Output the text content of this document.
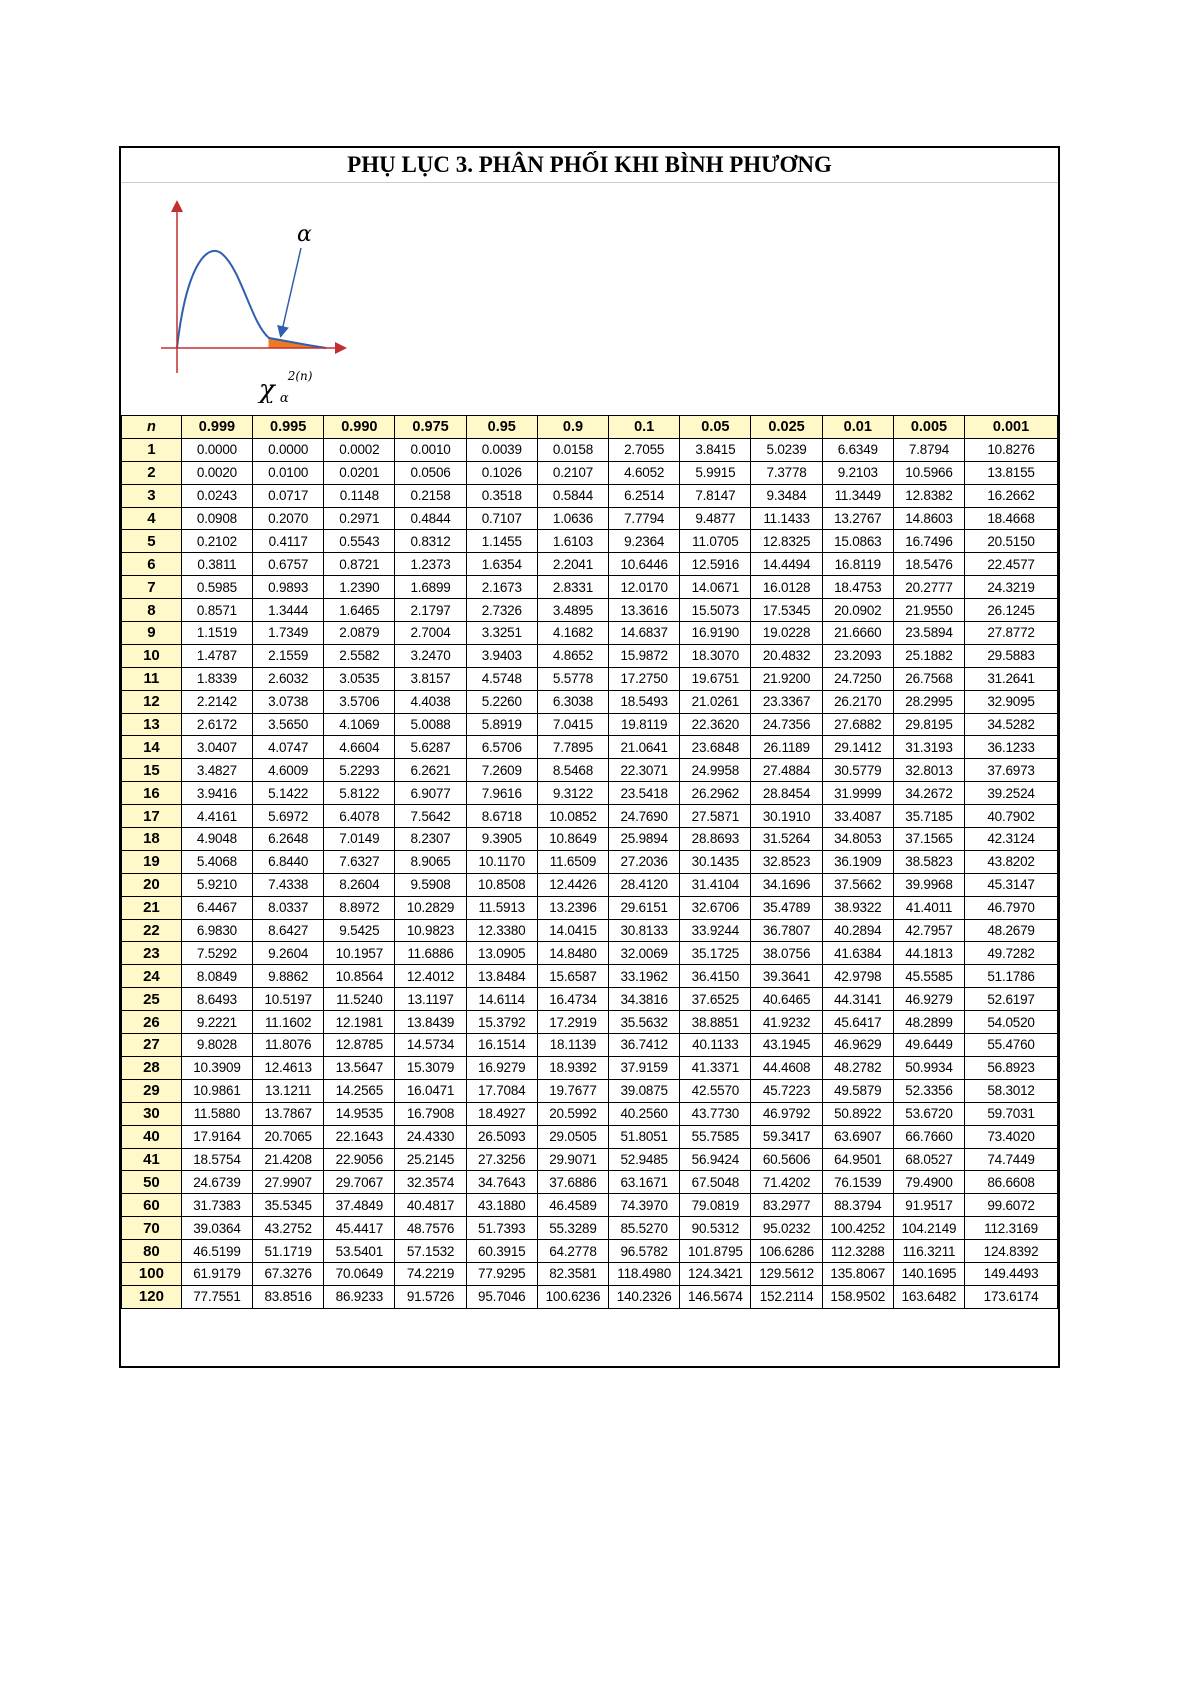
PHỤ LỤC 3. PHÂN PHỐI KHI BÌNH PHƯƠNG
α
χ $_\alpha$ 2(n)
n	0.999	0.995	0.990	0.975	0.95	0.9	0.1	0.05	0.025	0.01	0.005	0.001
1	0.0000	0.0000	0.0002	0.0010	0.0039	0.0158	2.7055	3.8415	5.0239	6.6349	7.8794	10.8276
2	0.0020	0.0100	0.0201	0.0506	0.1026	0.2107	4.6052	5.9915	7.3778	9.2103	10.5966	13.8155
3	0.0243	0.0717	0.1148	0.2158	0.3518	0.5844	6.2514	7.8147	9.3484	11.3449	12.8382	16.2662
4	0.0908	0.2070	0.2971	0.4844	0.7107	1.0636	7.7794	9.4877	11.1433	13.2767	14.8603	18.4668
5	0.2102	0.4117	0.5543	0.8312	1.1455	1.6103	9.2364	11.0705	12.8325	15.0863	16.7496	20.5150
6	0.3811	0.6757	0.8721	1.2373	1.6354	2.2041	10.6446	12.5916	14.4494	16.8119	18.5476	22.4577
7	0.5985	0.9893	1.2390	1.6899	2.1673	2.8331	12.0170	14.0671	16.0128	18.4753	20.2777	24.3219
8	0.8571	1.3444	1.6465	2.1797	2.7326	3.4895	13.3616	15.5073	17.5345	20.0902	21.9550	26.1245
9	1.1519	1.7349	2.0879	2.7004	3.3251	4.1682	14.6837	16.9190	19.0228	21.6660	23.5894	27.8772
10	1.4787	2.1559	2.5582	3.2470	3.9403	4.8652	15.9872	18.3070	20.4832	23.2093	25.1882	29.5883
11	1.8339	2.6032	3.0535	3.8157	4.5748	5.5778	17.2750	19.6751	21.9200	24.7250	26.7568	31.2641
12	2.2142	3.0738	3.5706	4.4038	5.2260	6.3038	18.5493	21.0261	23.3367	26.2170	28.2995	32.9095
13	2.6172	3.5650	4.1069	5.0088	5.8919	7.0415	19.8119	22.3620	24.7356	27.6882	29.8195	34.5282
14	3.0407	4.0747	4.6604	5.6287	6.5706	7.7895	21.0641	23.6848	26.1189	29.1412	31.3193	36.1233
15	3.4827	4.6009	5.2293	6.2621	7.2609	8.5468	22.3071	24.9958	27.4884	30.5779	32.8013	37.6973
16	3.9416	5.1422	5.8122	6.9077	7.9616	9.3122	23.5418	26.2962	28.8454	31.9999	34.2672	39.2524
17	4.4161	5.6972	6.4078	7.5642	8.6718	10.0852	24.7690	27.5871	30.1910	33.4087	35.7185	40.7902
18	4.9048	6.2648	7.0149	8.2307	9.3905	10.8649	25.9894	28.8693	31.5264	34.8053	37.1565	42.3124
19	5.4068	6.8440	7.6327	8.9065	10.1170	11.6509	27.2036	30.1435	32.8523	36.1909	38.5823	43.8202
20	5.9210	7.4338	8.2604	9.5908	10.8508	12.4426	28.4120	31.4104	34.1696	37.5662	39.9968	45.3147
21	6.4467	8.0337	8.8972	10.2829	11.5913	13.2396	29.6151	32.6706	35.4789	38.9322	41.4011	46.7970
22	6.9830	8.6427	9.5425	10.9823	12.3380	14.0415	30.8133	33.9244	36.7807	40.2894	42.7957	48.2679
23	7.5292	9.2604	10.1957	11.6886	13.0905	14.8480	32.0069	35.1725	38.0756	41.6384	44.1813	49.7282
24	8.0849	9.8862	10.8564	12.4012	13.8484	15.6587	33.1962	36.4150	39.3641	42.9798	45.5585	51.1786
25	8.6493	10.5197	11.5240	13.1197	14.6114	16.4734	34.3816	37.6525	40.6465	44.3141	46.9279	52.6197
26	9.2221	11.1602	12.1981	13.8439	15.3792	17.2919	35.5632	38.8851	41.9232	45.6417	48.2899	54.0520
27	9.8028	11.8076	12.8785	14.5734	16.1514	18.1139	36.7412	40.1133	43.1945	46.9629	49.6449	55.4760
28	10.3909	12.4613	13.5647	15.3079	16.9279	18.9392	37.9159	41.3371	44.4608	48.2782	50.9934	56.8923
29	10.9861	13.1211	14.2565	16.0471	17.7084	19.7677	39.0875	42.5570	45.7223	49.5879	52.3356	58.3012
30	11.5880	13.7867	14.9535	16.7908	18.4927	20.5992	40.2560	43.7730	46.9792	50.8922	53.6720	59.7031
40	17.9164	20.7065	22.1643	24.4330	26.5093	29.0505	51.8051	55.7585	59.3417	63.6907	66.7660	73.4020
41	18.5754	21.4208	22.9056	25.2145	27.3256	29.9071	52.9485	56.9424	60.5606	64.9501	68.0527	74.7449
50	24.6739	27.9907	29.7067	32.3574	34.7643	37.6886	63.1671	67.5048	71.4202	76.1539	79.4900	86.6608
60	31.7383	35.5345	37.4849	40.4817	43.1880	46.4589	74.3970	79.0819	83.2977	88.3794	91.9517	99.6072
70	39.0364	43.2752	45.4417	48.7576	51.7393	55.3289	85.5270	90.5312	95.0232	100.4252	104.2149	112.3169
80	46.5199	51.1719	53.5401	57.1532	60.3915	64.2778	96.5782	101.8795	106.6286	112.3288	116.3211	124.8392
100	61.9179	67.3276	70.0649	74.2219	77.9295	82.3581	118.4980	124.3421	129.5612	135.8067	140.1695	149.4493
120	77.7551	83.8516	86.9233	91.5726	95.7046	100.6236	140.2326	146.5674	152.2114	158.9502	163.6482	173.6174
